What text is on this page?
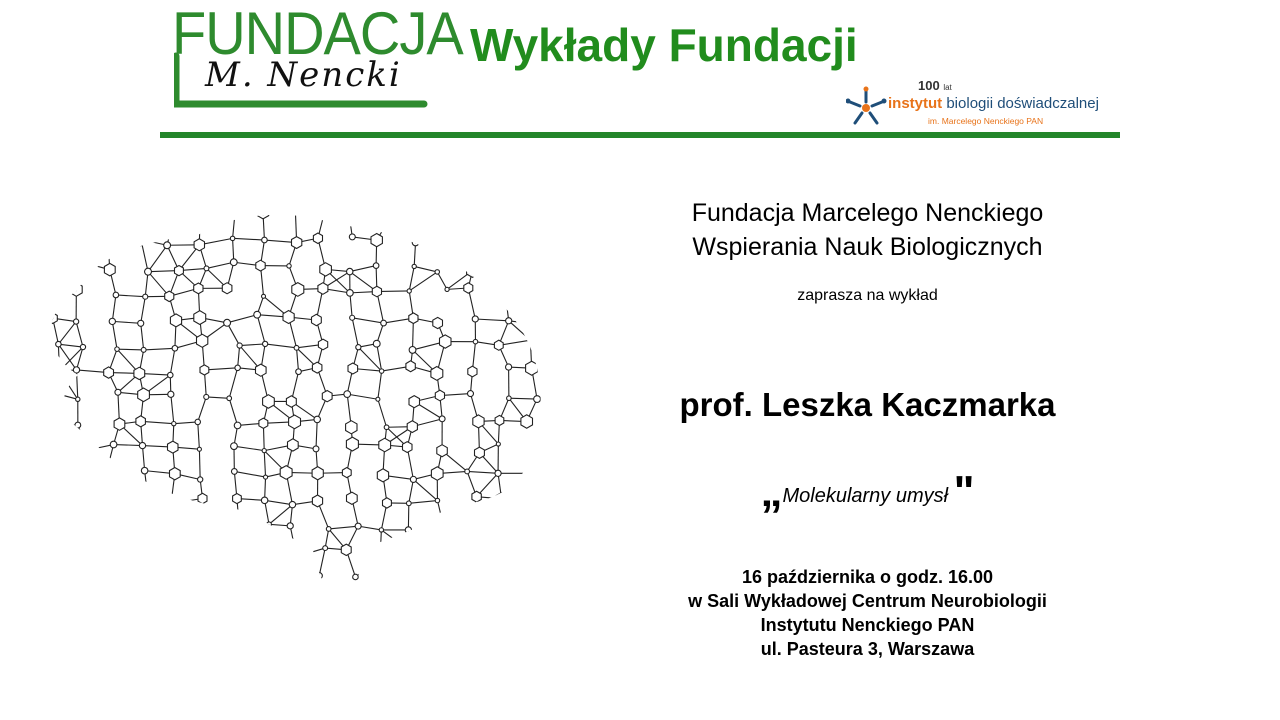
FUNDACJA
M. Nencki
Wykłady Fundacji
100 lat
instytut biologii doświadczalnej
im. Marcelego Nenckiego PAN
Fundacja Marcelego Nenckiego
Wspierania Nauk Biologicznych
zaprasza na wykład
prof. Leszka Kaczmarka
„Molekularny umysł "
16 października o godz. 16.00
w Sali Wykładowej Centrum Neurobiologii
Instytutu Nenckiego PAN
ul. Pasteura 3, Warszawa
